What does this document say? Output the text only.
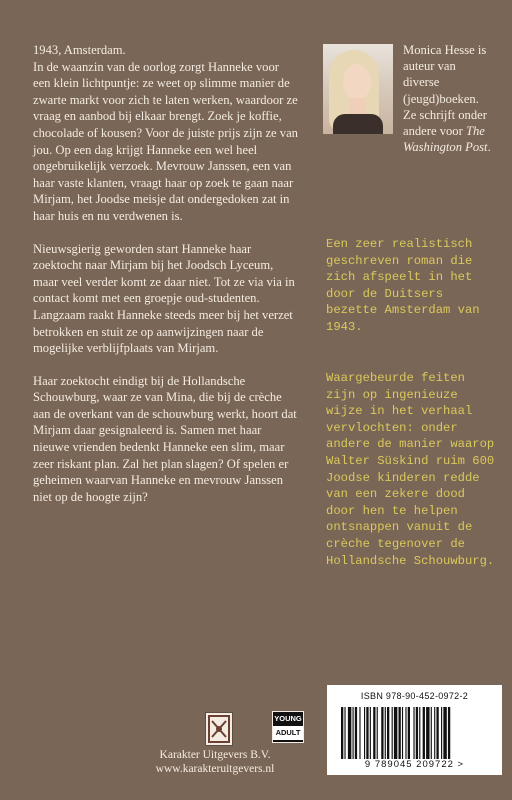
1943, Amsterdam.
In de waanzin van de oorlog zorgt Hanneke voor een klein lichtpuntje: ze weet op slimme manier de zwarte markt voor zich te laten werken, waardoor ze vraag en aanbod bij elkaar brengt. Zoek je koffie, chocolade of kousen? Voor de juiste prijs zijn ze van jou. Op een dag krijgt Hanneke een wel heel ongebruikelijk verzoek. Mevrouw Janssen, een van haar vaste klanten, vraagt haar op zoek te gaan naar Mirjam, het Joodse meisje dat ondergedoken zat in haar huis en nu verdwenen is.

Nieuwsgierig geworden start Hanneke haar zoektocht naar Mirjam bij het Joodsch Lyceum, maar veel verder komt ze daar niet. Tot ze via via in contact komt met een groepje oud-studenten. Langzaam raakt Hanneke steeds meer bij het verzet betrokken en stuit ze op aanwijzingen naar de mogelijke verblijfplaats van Mirjam.

Haar zoektocht eindigt bij de Hollandsche Schouwburg, waar ze van Mina, die bij de crèche aan de overkant van de schouwburg werkt, hoort dat Mirjam daar gesignaleerd is. Samen met haar nieuwe vrienden bedenkt Hanneke een slim, maar zeer riskant plan. Zal het plan slagen? Of spelen er geheimen waarvan Hanneke en mevrouw Janssen niet op de hoogte zijn?

Monica Hesse is auteur van diverse (jeugd)boeken. Ze schrijft onder andere voor The Washington Post.
Een zeer realistisch geschreven roman die zich afspeelt in het door de Duitsers bezette Amsterdam van 1943.
Waargebeurde feiten zijn op ingenieuze wijze in het verhaal vervlochten: onder andere de manier waarop Walter Süskind ruim 600 Joodse kinderen redde van een zekere dood door hen te helpen ontsnappen vanuit de crèche tegenover de Hollandsche Schouwburg.
Karakter Uitgevers B.V.
www.karakteruitgevers.nl
YOUNG
ADULT
ISBN 978-90-452-0972-2
9 789045 209722 >
